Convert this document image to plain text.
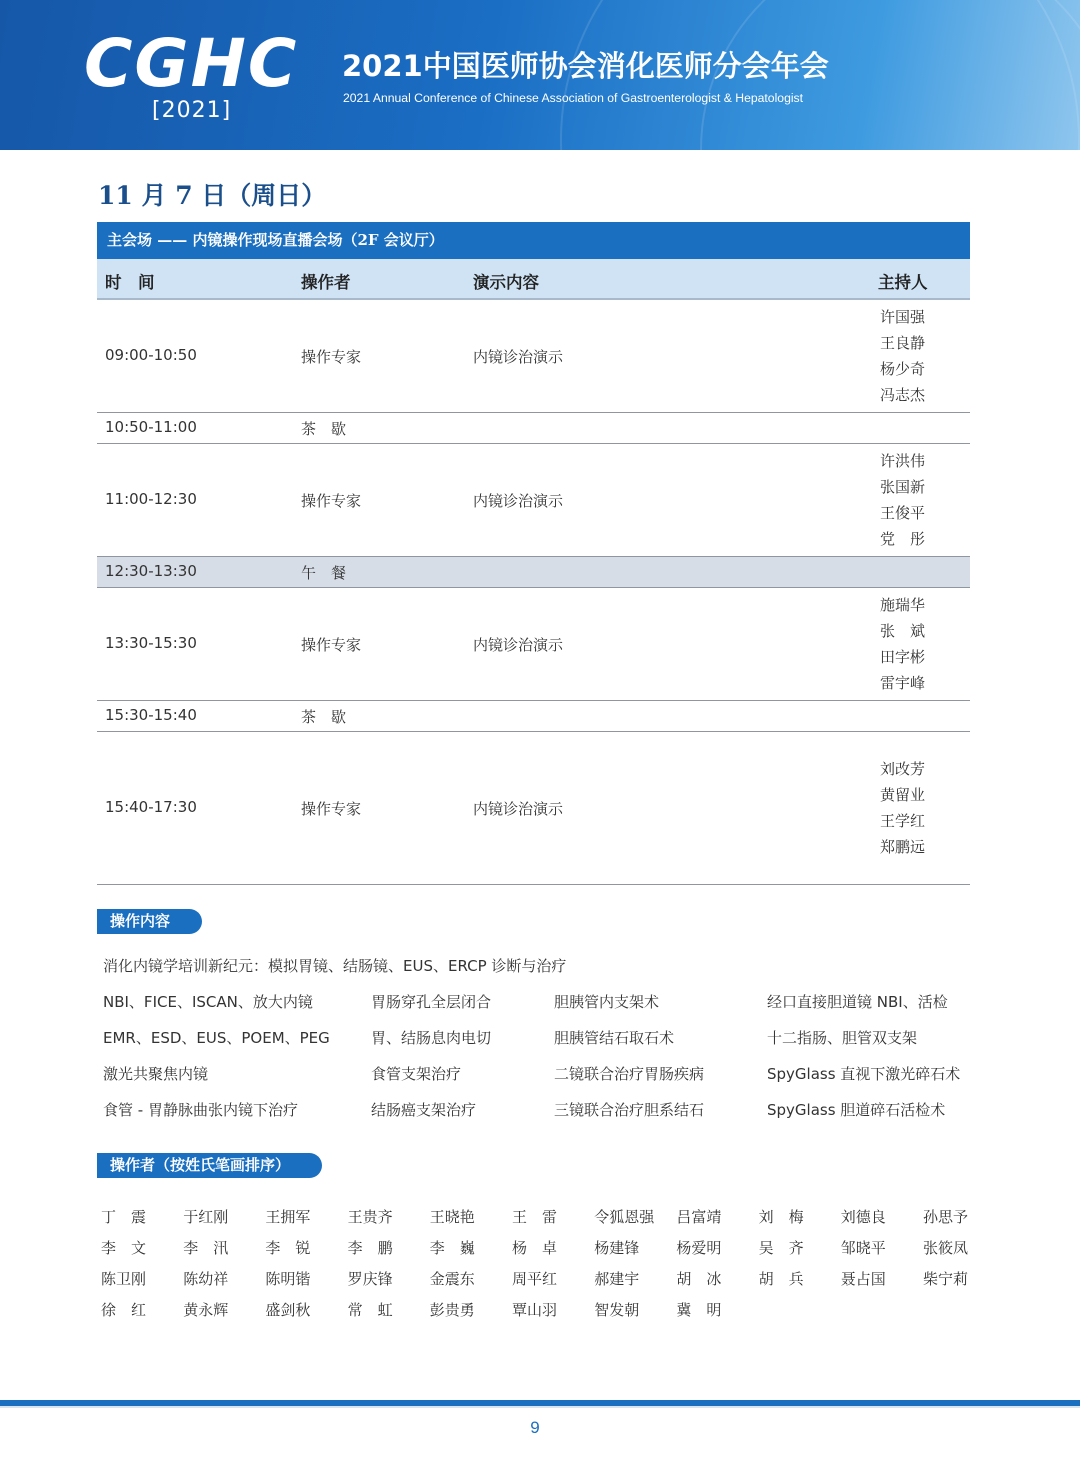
CGHC
[2021]
2021中国医师协会消化医师分会年会
2021 Annual Conference of Chinese Association of Gastroenterologist & Hepatologist
11 月 7 日（周日）
主会场 —— 内镜操作现场直播会场（2F 会议厅）
时　间	操作者	演示内容	主持人
09:00-10:50	操作专家	内镜诊治演示
许国强
王良静
杨少奇
冯志杰
10:50-11:00	茶　歇
11:00-12:30	操作专家	内镜诊治演示
许洪伟
张国新
王俊平
党　彤
12:30-13:30	午　餐
13:30-15:30	操作专家	内镜诊治演示
施瑞华
张　斌
田字彬
雷宇峰
15:30-15:40	茶　歇
15:40-17:30	操作专家	内镜诊治演示
刘改芳
黄留业
王学红
郑鹏远
操作内容
消化内镜学培训新纪元：模拟胃镜、结肠镜、EUS、ERCP 诊断与治疗
NBI、FICE、ISCAN、放大内镜	胃肠穿孔全层闭合	胆胰管内支架术	经口直接胆道镜 NBI、活检
EMR、ESD、EUS、POEM、PEG	胃、结肠息肉电切	胆胰管结石取石术	十二指肠、胆管双支架
激光共聚焦内镜	食管支架治疗	二镜联合治疗胃肠疾病	SpyGlass 直视下激光碎石术
食管 - 胃静脉曲张内镜下治疗	结肠癌支架治疗	三镜联合治疗胆系结石	SpyGlass 胆道碎石活检术
操作者（按姓氏笔画排序）
丁　震 于红刚 王拥军 王贵齐 王晓艳 王　雷 令狐恩强 吕富靖 刘　梅 刘德良 孙思予
李　文 李　汛 李　锐 李　鹏 李　巍 杨　卓 杨建锋 杨爱明 吴　齐 邹晓平 张筱凤
陈卫刚 陈幼祥 陈明锴 罗庆锋 金震东 周平红 郝建宇 胡　冰 胡　兵 聂占国 柴宁莉
徐　红 黄永辉 盛剑秋 常　虹 彭贵勇 覃山羽 智发朝 冀　明
9
